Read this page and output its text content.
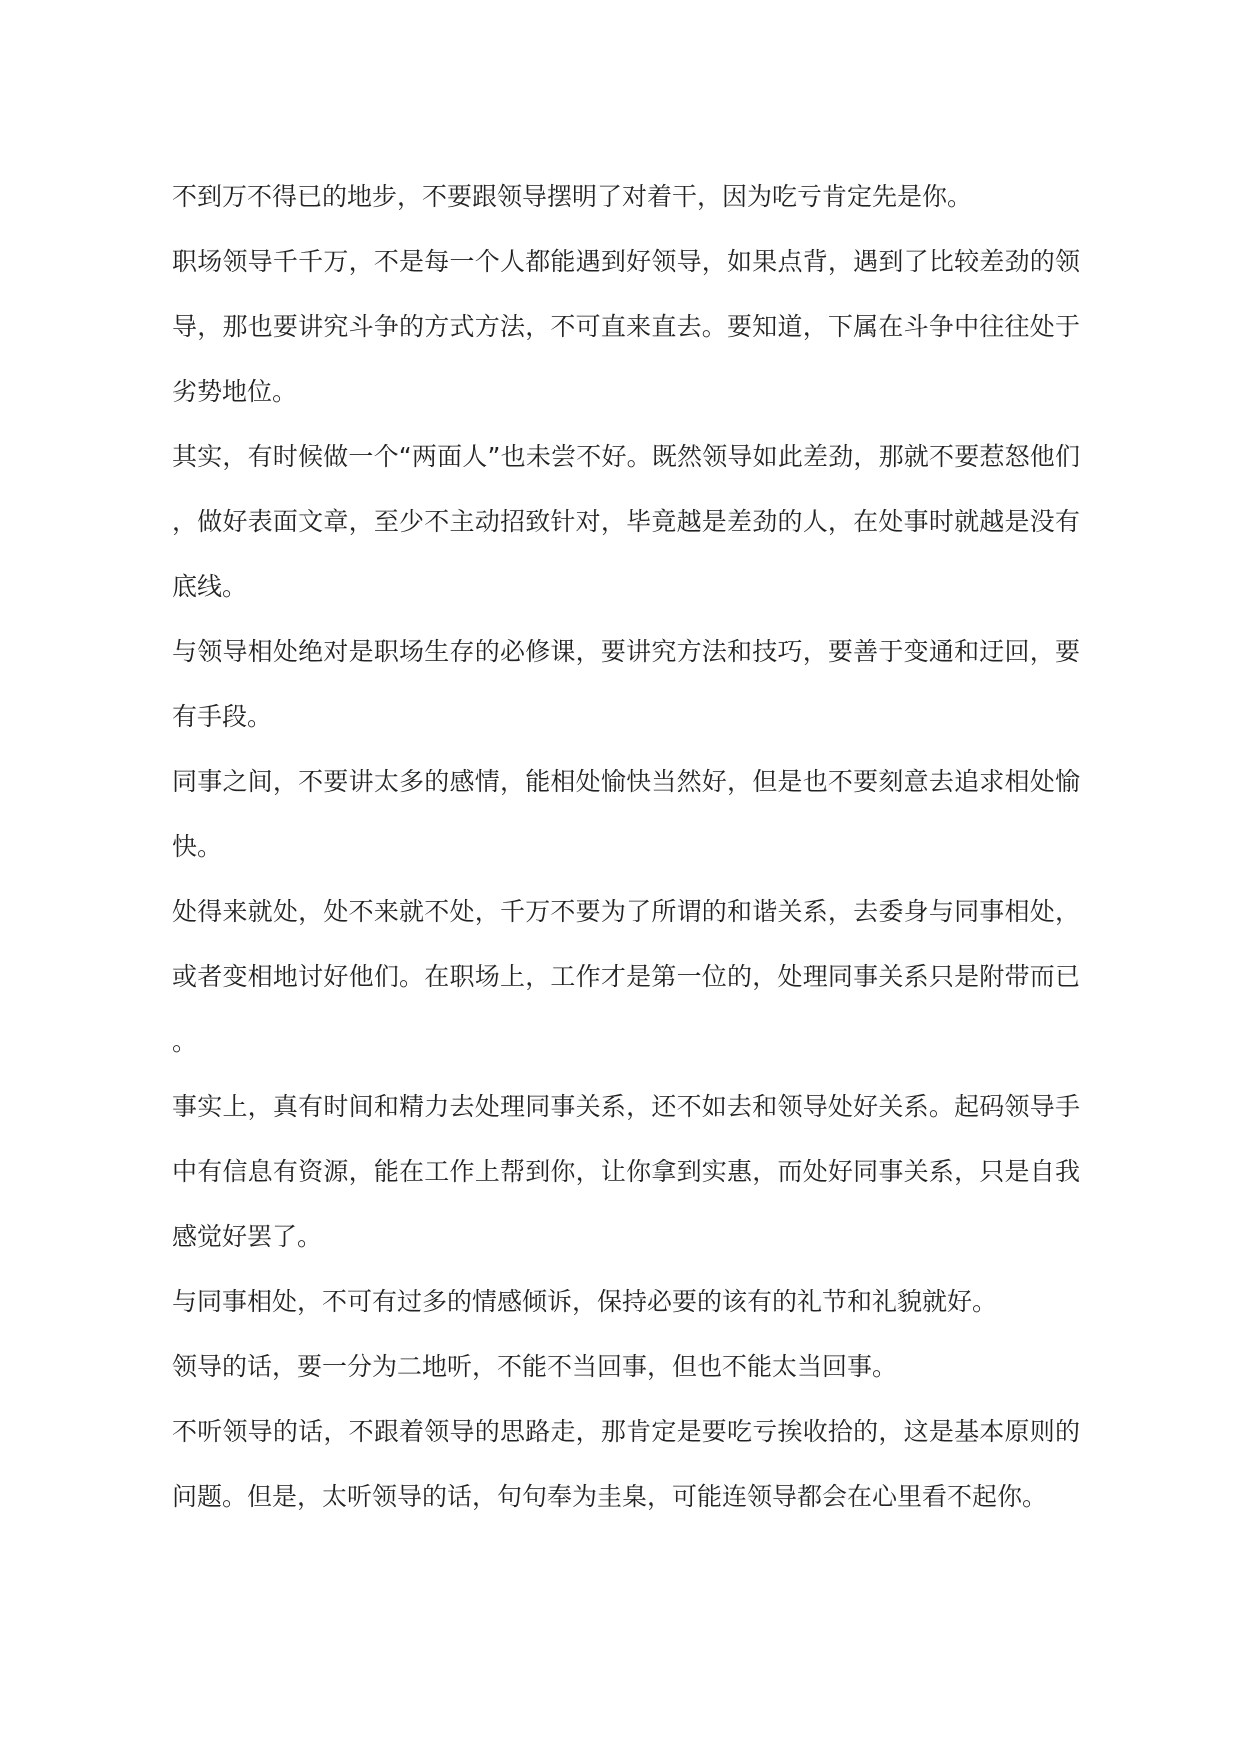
不到万不得已的地步，不要跟领导摆明了对着干，因为吃亏肯定先是你。

职场领导千千万，不是每一个人都能遇到好领导，如果点背，遇到了比较差劲的领导，那也要讲究斗争的方式方法，不可直来直去。要知道，下属在斗争中往往处于劣势地位。

其实，有时候做一个“两面人”也未尝不好。既然领导如此差劲，那就不要惹怒他们，做好表面文章，至少不主动招致针对，毕竟越是差劲的人，在处事时就越是没有底线。

与领导相处绝对是职场生存的必修课，要讲究方法和技巧，要善于变通和迂回，要有手段。

同事之间，不要讲太多的感情，能相处愉快当然好，但是也不要刻意去追求相处愉快。

处得来就处，处不来就不处，千万不要为了所谓的和谐关系，去委身与同事相处，或者变相地讨好他们。在职场上，工作才是第一位的，处理同事关系只是附带而已。

事实上，真有时间和精力去处理同事关系，还不如去和领导处好关系。起码领导手中有信息有资源，能在工作上帮到你，让你拿到实惠，而处好同事关系，只是自我感觉好罢了。

与同事相处，不可有过多的情感倾诉，保持必要的该有的礼节和礼貌就好。

领导的话，要一分为二地听，不能不当回事，但也不能太当回事。

不听领导的话，不跟着领导的思路走，那肯定是要吃亏挨收拾的，这是基本原则的问题。但是，太听领导的话，句句奉为圭臬，可能连领导都会在心里看不起你。
